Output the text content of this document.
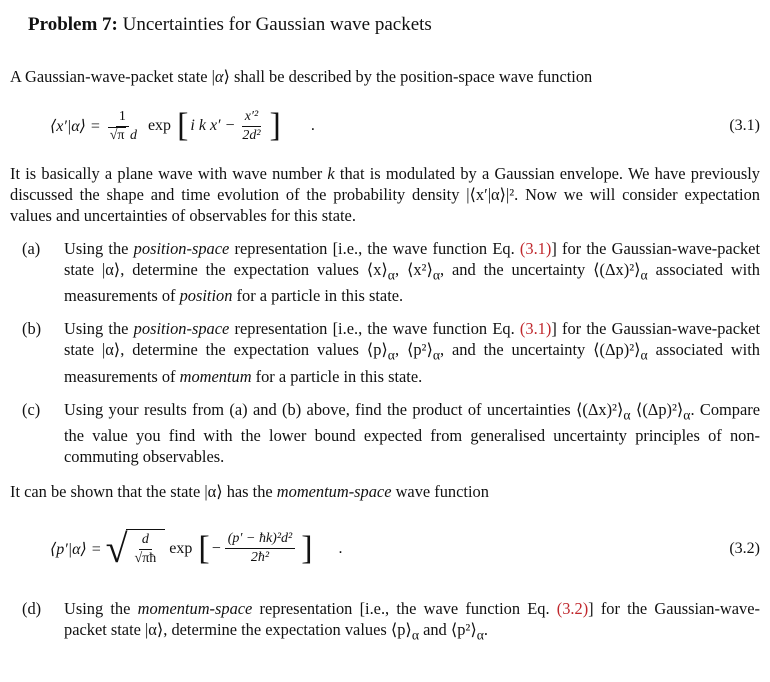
Problem 7: Uncertainties for Gaussian wave packets

A Gaussian-wave-packet state |α⟩ shall be described by the position-space wave function

⟨x′|α⟩ = $\frac{1}{\text{√π d}}$ exp [ i k $x' - \frac{\text{x′²}}{\text{2d²}}$ ] .	(3.1)

It is basically a plane wave with wave number k that is modulated by a Gaussian envelope. We have previously discussed the shape and time evolution of the probability density |⟨x′|α⟩|². Now we will consider expectation values and uncertainties of observables for this state.

(a) Using the position-space representation [i.e., the wave function Eq. (3.1)] for the Gaussian-wave-packet state |α⟩, determine the expectation values $⟨x⟩_\alpha$, $⟨x^2⟩_\alpha$, and the uncertainty $⟨(\Delta x)^2⟩_\alpha$ associated with measurements of position for a particle in this state.
(b) Using the position-space representation [i.e., the wave function Eq. (3.1)] for the Gaussian-wave-packet state |α⟩, determine the expectation values $⟨p⟩_\alpha$, $⟨p^2⟩_\alpha$, and the uncertainty $⟨(\Delta p)^2⟩_\alpha$ associated with measurements of momentum for a particle in this state.
(c) Using your results from (a) and (b) above, find the product of uncertainties $⟨(\Delta x)^2⟩_\alpha$ $⟨(\Delta p)^2⟩_\alpha$. Compare the value you find with the lower bound expected from generalised uncertainty principles of non-commuting observables.

It can be shown that the state |α⟩ has the momentum-space wave function

⟨p′|α⟩ = √ $\frac{d}{√\pi ħ}$ exp [ − $\frac{\text{(p′ − ħk)²d²}}{\text{2ħ²}}$ ] .	(3.2)
(d) Using the momentum-space representation [i.e., the wave function Eq. (3.2)] for the Gaussian-wave-packet state |α⟩, determine the expectation values $⟨p⟩_\alpha$ and $⟨p^2⟩_\alpha$.
